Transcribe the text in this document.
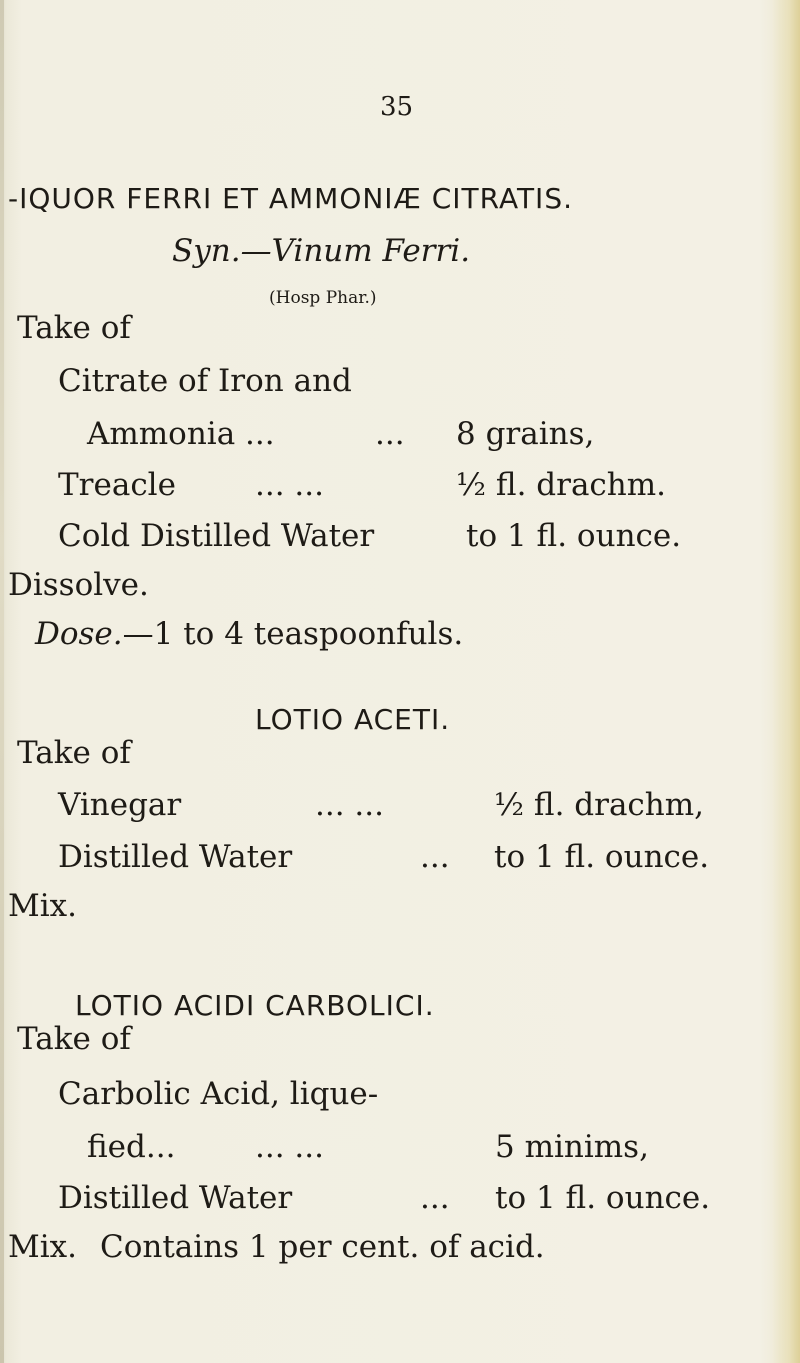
35
-IQUOR FERRI ET AMMONIÆ CITRATIS.
Syn.—Vinum Ferri.
(Hosp Phar.)
Take of
Citrate of Iron and
Ammonia ...	... 8 grains,
Treacle	... ...	½ fl. drachm.
Cold Distilled Water	to 1 fl. ounce.
Dissolve.
Dose.—1 to 4 teaspoonfuls.
LOTIO ACETI.
Take of
Vinegar	... ...	½ fl. drachm,
Distilled Water	... to 1 fl. ounce.
Mix.
LOTIO ACIDI CARBOLICI.
Take of
Carbolic Acid, lique-
fied...	... ...	5 minims,
Distilled Water	... to 1 fl. ounce.
Mix. Contains 1 per cent. of acid.
